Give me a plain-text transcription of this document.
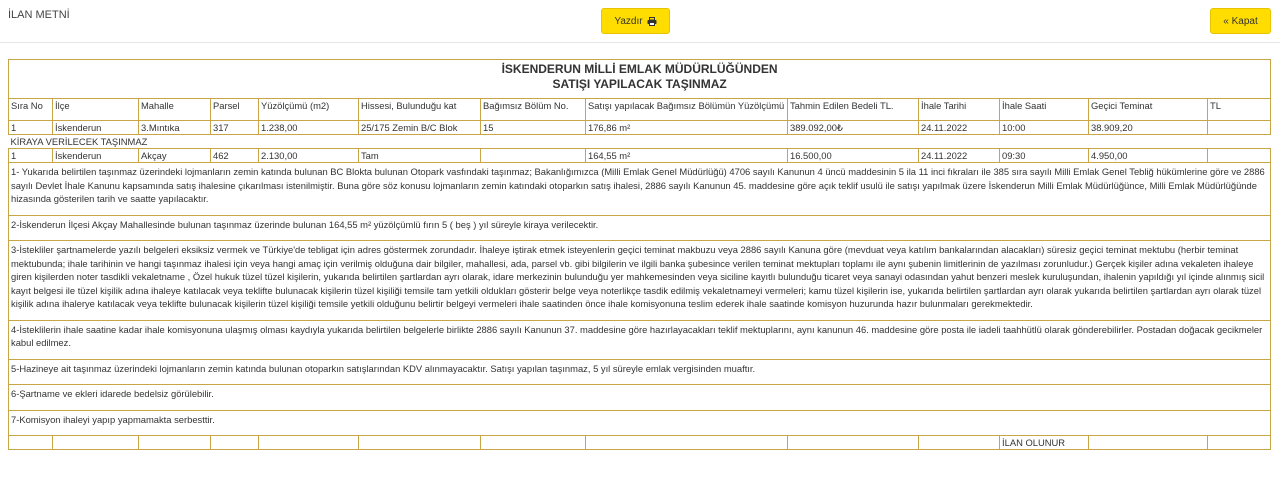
İLAN METNİ	Yazdır	« Kapat
İSKENDERUN MİLLİ EMLAK MÜDÜRLÜĞÜNDEN
SATIŞI YAPILACAK TAŞINMAZ												

Sıra No	İlçe	Mahalle	Parsel	Yüzölçümü (m2)	Hissesi, Bulunduğu kat	Bağımsız Bölüm No.	Satışı yapılacak Bağımsız Bölümün Yüzölçümü	Tahmin Edilen Bedeli TL.	İhale Tarihi	İhale Saati	Geçici Teminat	TL
1	İskenderun	3.Mıntıka	317	1.238,00	25/175 Zemin B/C Blok	15	176,86 m²	389.092,00₺	24.11.2022	10:00	38.909,20	
KİRAYA VERİLECEK TAŞINMAZ												
1	İskenderun	Akçay	462	2.130,00	Tam		164,55 m²	16.500,00	24.11.2022	09:30	4.950,00	
1- Yukarıda belirtilen taşınmaz üzerindeki lojmanların zemin katında bulunan BC Blokta bulunan Otopark vasfındaki taşınmaz; Bakanlığımızca (Milli Emlak Genel Müdürlüğü) 4706 sayılı Kanunun 4 üncü maddesinin 5 ila 11 inci fıkraları ile 385 sıra sayılı Milli Emlak Genel Tebliğ hükümlerine göre ve 2886 sayılı Devlet İhale Kanunu kapsamında satış ihalesine çıkarılması istenilmiştir. Buna göre söz konusu lojmanların zemin katındaki otoparkın satış ihalesi, 2886 sayılı Kanunun 45. maddesine göre açık teklif usulü ile satışı yapılmak üzere İskenderun Milli Emlak Müdürlüğünce, Milli Emlak Müdürlüğünde hizasında gösterilen tarih ve saatte yapılacaktır.												
2-İskenderun İlçesi Akçay Mahallesinde bulunan taşınmaz üzerinde bulunan 164,55 m² yüzölçümlü fırın 5 ( beş ) yıl süreyle kiraya verilecektir.												
3-İstekliler şartnamelerde yazılı belgeleri eksiksiz vermek ve Türkiye'de tebligat için adres göstermek zorundadır. İhaleye iştirak etmek isteyenlerin geçici teminat makbuzu veya 2886 sayılı Kanuna göre (mevduat veya katılım bankalarından alacakları) süresiz geçici teminat mektubu (herbir teminat mektubunda; ihale tarihinin ve hangi taşınmaz ihalesi için veya hangi amaç için verilmiş olduğuna dair bilgiler, mahallesi, ada, parsel vb. gibi bilgilerin ve ilgili banka şubesince verilen teminat mektupları toplamı ile aynı şubenin limitlerinin de yazılması zorunludur.) Gerçek kişiler adına vekaleten ihaleye giren kişilerden noter tasdikli vekaletname , Özel hukuk tüzel tüzel kişilerin, yukarıda belirtilen şartlardan ayrı olarak, idare merkezinin bulunduğu yer mahkemesinden veya siciline kayıtlı bulunduğu ticaret veya sanayi odasından yahut benzeri meslek kuruluşundan, ihalenin yapıldığı yıl içinde alınmış sicil kayıt belgesi ile tüzel kişilik adına ihaleye katılacak veya teklifte bulunacak kişilerin tüzel kişiliği temsile tam yetkili oldukları gösterir belge veya noterlikçe tasdik edilmiş vekaletnameyi vermeleri; kamu tüzel kişilerin ise, yukarıda belirtilen şartlardan ayrı olarak yukarıda belirtilen şartlardan ayrı olarak tüzel kişilik adına ihalerye katılacak veya teklifte bulunacak kişilerin tüzel kişiliği temsile yetkili olduğunu belirtir belgeyi vermeleri ihale saatinden önce ihale komisyonuna teslim ederek ihale saatinde komisyon huzurunda hazır bulunmaları gerekmektedir.												
4-İsteklilerin ihale saatine kadar ihale komisyonuna ulaşmış olması kaydıyla yukarıda belirtilen belgelerle birlikte 2886 sayılı Kanunun 37. maddesine göre hazırlayacakları teklif mektuplarını, aynı kanunun 46. maddesine göre posta ile iadeli taahhütlü olarak gönderebilirler. Postadan doğacak gecikmeler kabul edilmez.												
5-Hazineye ait taşınmaz üzerindeki lojmanların zemin katında bulunan otoparkın satışlarından KDV alınmayacaktır. Satışı yapılan taşınmaz, 5 yıl süreyle emlak vergisinden muaftır.												
6-Şartname ve ekleri idarede bedelsiz görülebilir.												
7-Komisyon ihaleyi yapıp yapmamakta serbesttir.												
										İLAN OLUNUR		
